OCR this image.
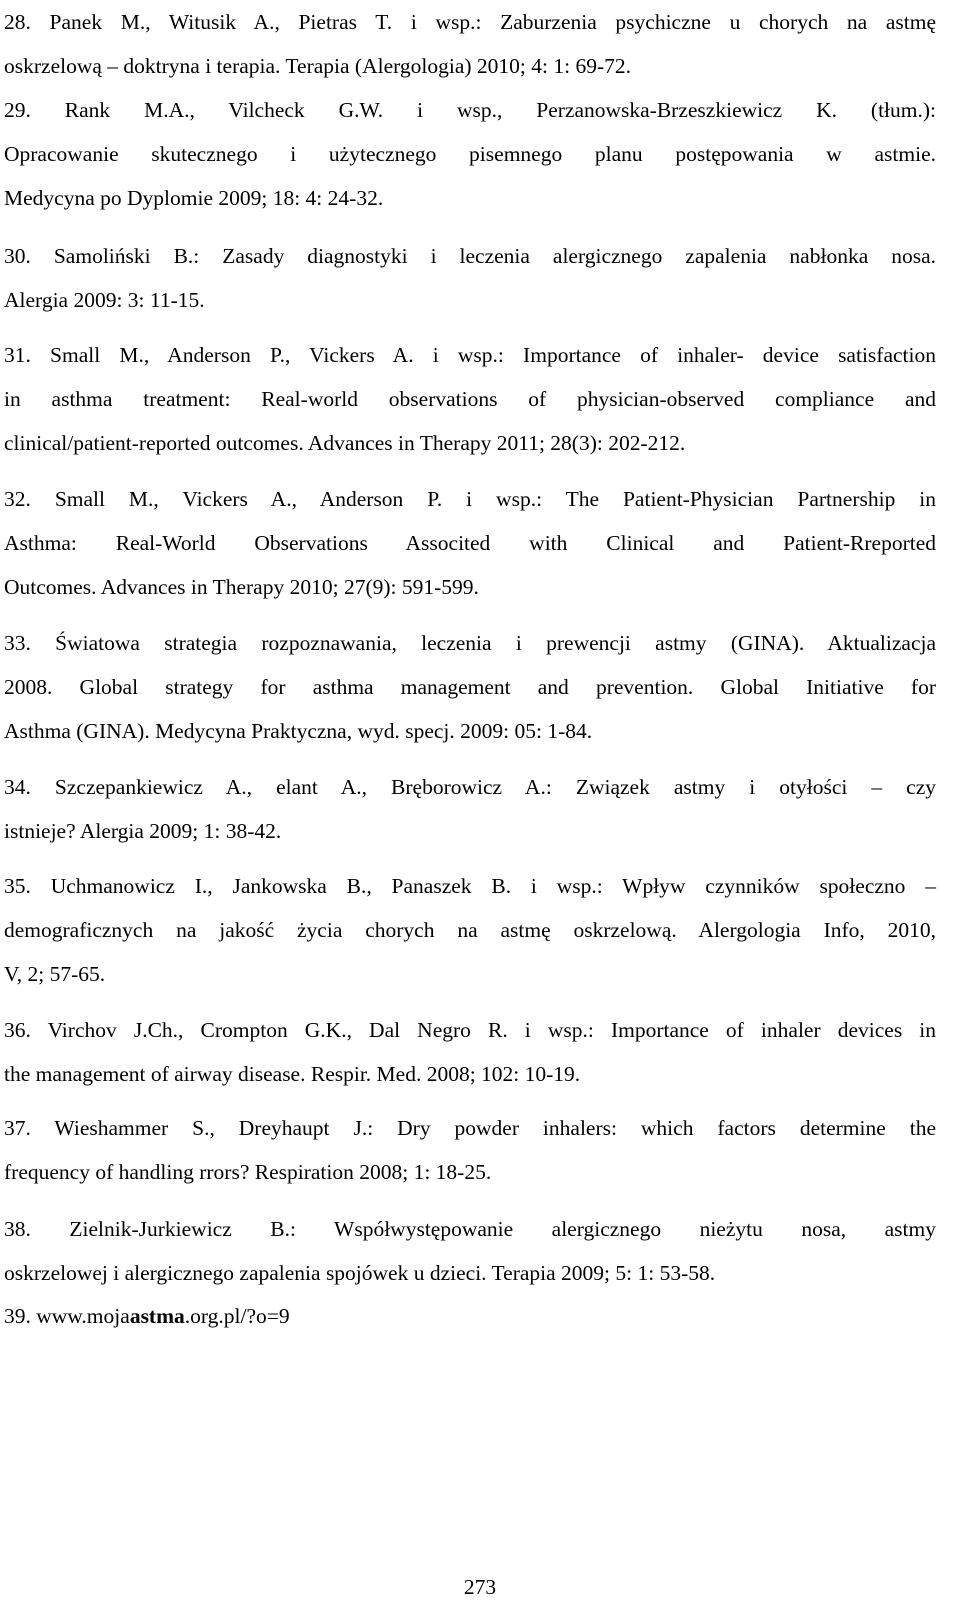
28. Panek M., Witusik A., Pietras T. i wsp.: Zaburzenia psychiczne u chorych na astmę
oskrzelową – doktryna i terapia. Terapia (Alergologia) 2010; 4: 1: 69-72.
29. Rank M.A., Vilcheck G.W. i wsp., Perzanowska-Brzeszkiewicz K. (tłum.):
Opracowanie skutecznego i użytecznego pisemnego planu postępowania w astmie.
Medycyna po Dyplomie 2009; 18: 4: 24-32.
30. Samoliński B.: Zasady diagnostyki i leczenia alergicznego zapalenia nabłonka nosa.
Alergia 2009: 3: 11-15.
31. Small M., Anderson P., Vickers A. i wsp.: Importance of inhaler- device satisfaction
in asthma treatment: Real-world observations of physician-observed compliance and
clinical/patient-reported outcomes. Advances in Therapy 2011; 28(3): 202-212.
32. Small M., Vickers A., Anderson P. i wsp.: The Patient-Physician Partnership in
Asthma: Real-World Observations Associted with Clinical and Patient-Rreported
Outcomes. Advances in Therapy 2010; 27(9): 591-599.
33. Światowa strategia rozpoznawania, leczenia i prewencji astmy (GINA). Aktualizacja
2008. Global strategy for asthma management and prevention. Global Initiative for
Asthma (GINA). Medycyna Praktyczna, wyd. specj. 2009: 05: 1-84.
34. Szczepankiewicz A., elant A., Bręborowicz A.: Związek astmy i otyłości – czy
istnieje? Alergia 2009; 1: 38-42.
35. Uchmanowicz I., Jankowska B., Panaszek B. i wsp.: Wpływ czynników społeczno –
demograficznych na jakość życia chorych na astmę oskrzelową. Alergologia Info, 2010,
V, 2; 57-65.
36. Virchov J.Ch., Crompton G.K., Dal Negro R. i wsp.: Importance of inhaler devices in
the management of airway disease. Respir. Med. 2008; 102: 10-19.
37. Wieshammer S., Dreyhaupt J.: Dry powder inhalers: which factors determine the
frequency of handling rrors? Respiration 2008; 1: 18-25.
38. Zielnik-Jurkiewicz B.: Współwystępowanie alergicznego nieżytu nosa, astmy
oskrzelowej i alergicznego zapalenia spojówek u dzieci. Terapia 2009; 5: 1: 53-58.
39. www.mojaastma.org.pl/?o=9
273
